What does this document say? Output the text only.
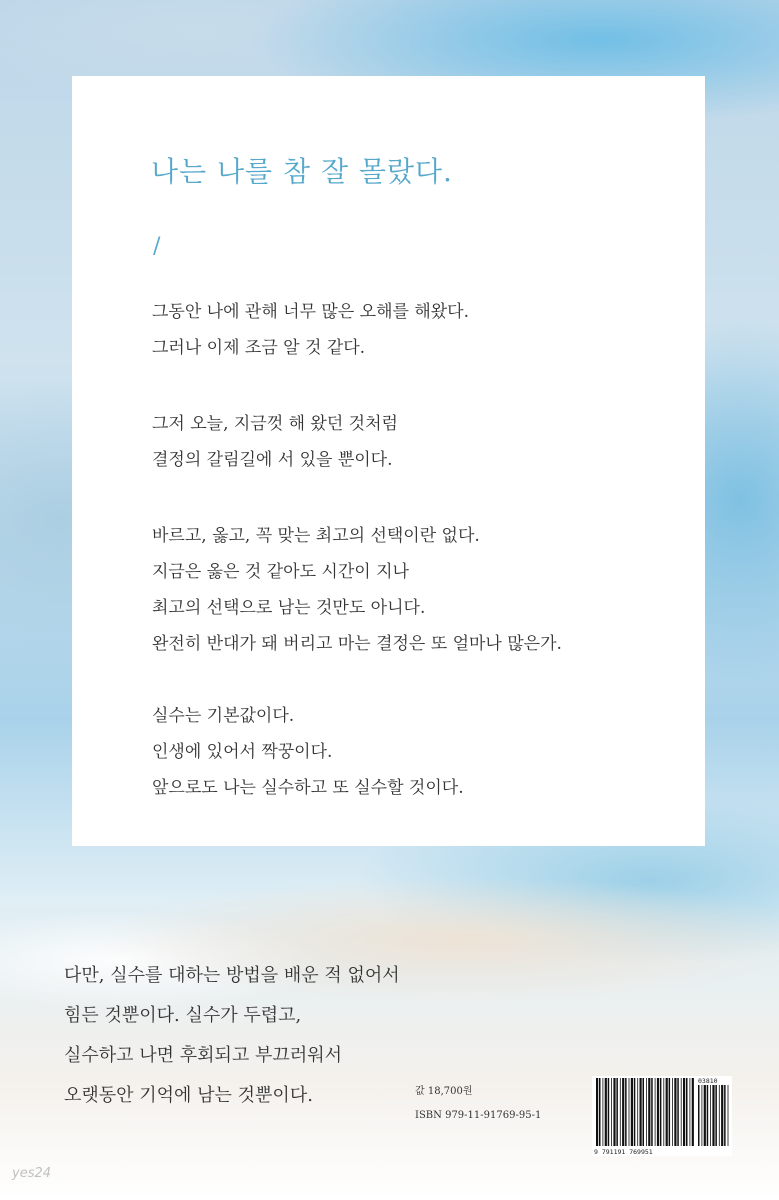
나는 나를 참 잘 몰랐다.
/
그동안 나에 관해 너무 많은 오해를 해왔다.
그러나 이제 조금 알 것 같다.
그저 오늘, 지금껏 해 왔던 것처럼
결정의 갈림길에 서 있을 뿐이다.
바르고, 옳고, 꼭 맞는 최고의 선택이란 없다.
지금은 옳은 것 같아도 시간이 지나
최고의 선택으로 남는 것만도 아니다.
완전히 반대가 돼 버리고 마는 결정은 또 얼마나 많은가.
실수는 기본값이다.
인생에 있어서 짝꿍이다.
앞으로도 나는 실수하고 또 실수할 것이다.
다만, 실수를 대하는 방법을 배운 적 없어서
힘든 것뿐이다. 실수가 두렵고,
실수하고 나면 후회되고 부끄러워서
오랫동안 기억에 남는 것뿐이다.	값 18,700원
ISBN 979-11-91769-95-1
9 791191 769951
03810
yes24
